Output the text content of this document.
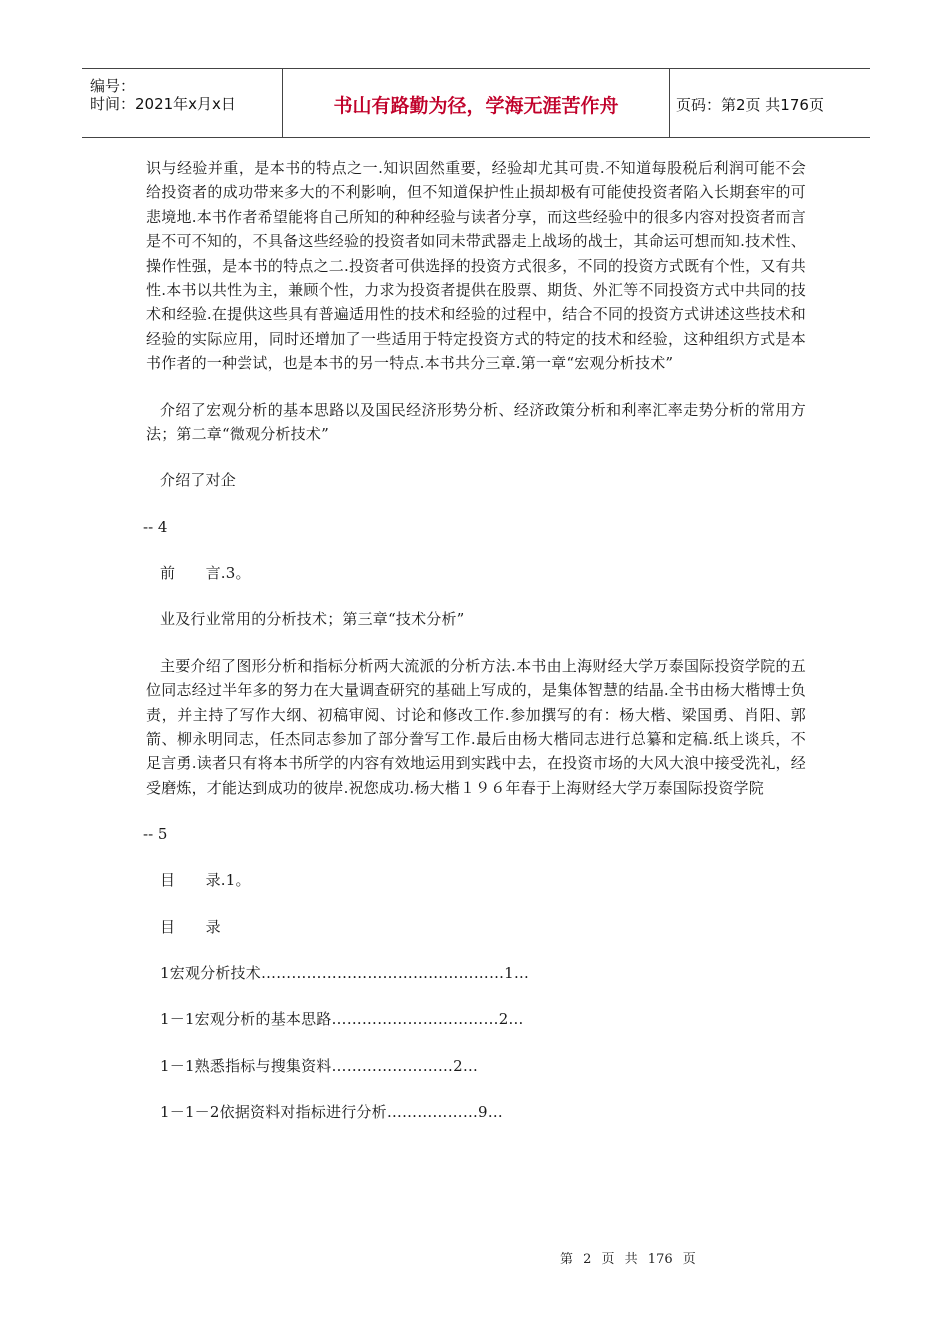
编号：
时间：2021年x月x日	书山有路勤为径，学海无涯苦作舟	页码：第2页 共176页

识与经验并重，是本书的特点之一.知识固然重要，经验却尤其可贵.不知道每股税后利润可能不会给投资者的成功带来多大的不利影响，但不知道保护性止损却极有可能使投资者陷入长期套牢的可悲境地.本书作者希望能将自己所知的种种经验与读者分享，而这些经验中的很多内容对投资者而言是不可不知的，不具备这些经验的投资者如同未带武器走上战场的战士，其命运可想而知.技术性、操作性强，是本书的特点之二.投资者可供选择的投资方式很多，不同的投资方式既有个性，又有共性.本书以共性为主，兼顾个性，力求为投资者提供在股票、期货、外汇等不同投资方式中共同的技术和经验.在提供这些具有普遍适用性的技术和经验的过程中，结合不同的投资方式讲述这些技术和经验的实际应用，同时还增加了一些适用于特定投资方式的特定的技术和经验，这种组织方式是本书作者的一种尝试，也是本书的另一特点.本书共分三章.第一章“宏观分析技术”

介绍了宏观分析的基本思路以及国民经济形势分析、经济政策分析和利率汇率走势分析的常用方法；第二章“微观分析技术”

介绍了对企

-- 4

前　　言.3。

业及行业常用的分析技术；第三章“技术分析”

主要介绍了图形分析和指标分析两大流派的分析方法.本书由上海财经大学万泰国际投资学院的五位同志经过半年多的努力在大量调查研究的基础上写成的，是集体智慧的结晶.全书由杨大楷博士负责，并主持了写作大纲、初稿审阅、讨论和修改工作.参加撰写的有：杨大楷、梁国勇、肖阳、郭箭、柳永明同志，任杰同志参加了部分誊写工作.最后由杨大楷同志进行总纂和定稿.纸上谈兵，不足言勇.读者只有将本书所学的内容有效地运用到实践中去，在投资市场的大风大浪中接受洗礼，经受磨炼，才能达到成功的彼岸.祝您成功.杨大楷１９６年春于上海财经大学万泰国际投资学院

-- 5

目　　录.1。

目　　录

1宏观分析技术…………………………………………1…

1－1宏观分析的基本思路……………………………2…

1－1熟悉指标与搜集资料……………………2…

1－1－2依据资料对指标进行分析………………9…

第 2 页 共 176 页
